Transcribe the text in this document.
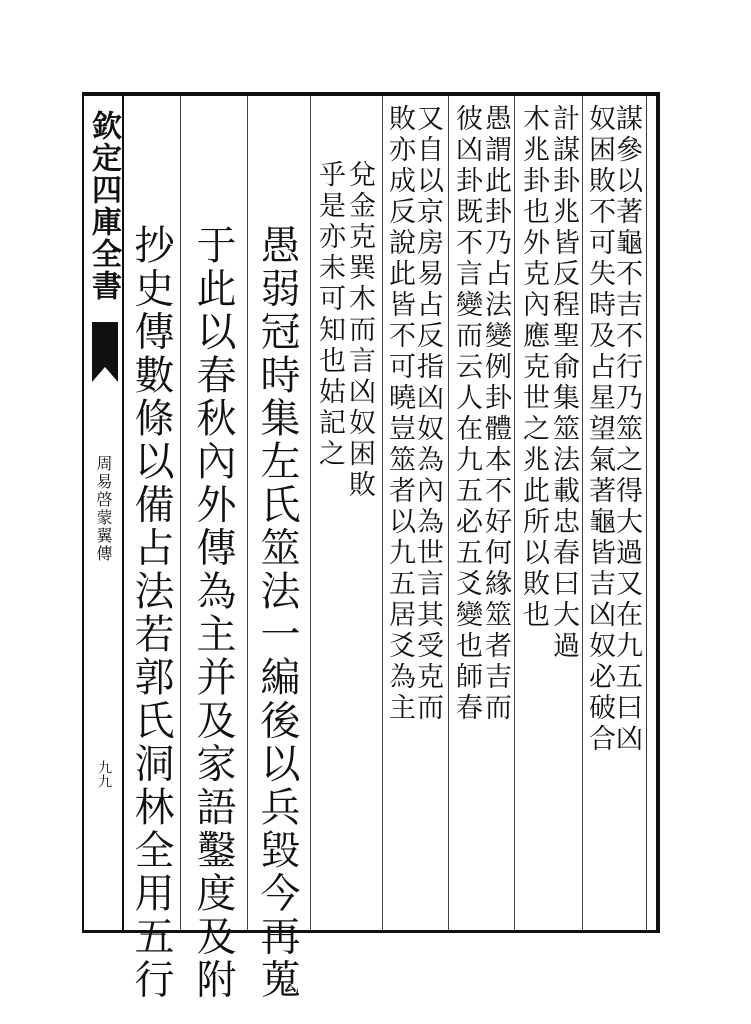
欽定四庫全書
周易啓蒙翼傳
九九
謀參以著龜不吉不行乃筮之得大過又在九五曰凶
奴困敗不可失時及占星望氣著龜皆吉凶奴必破合
計謀卦兆皆反程聖俞集筮法載忠春曰大過
木兆卦也外克內應克世之兆此所以敗也
愚謂此卦乃占法變例卦體本不好何緣筮者吉而
彼凶卦既不言變而云人在九五必五爻變也師春
又自以京房易占反指凶奴為內為世言其受克而
敗亦成反說此皆不可曉豈筮者以九五居爻為主
兌金克巽木而言凶奴困敗
乎是亦未可知也姑記之
愚弱冠時集左氏筮法一編後以兵毀今再蒐
于此以春秋內外傳為主并及家語鑿度及附
抄史傳數條以備占法若郭氏洞林全用五行
